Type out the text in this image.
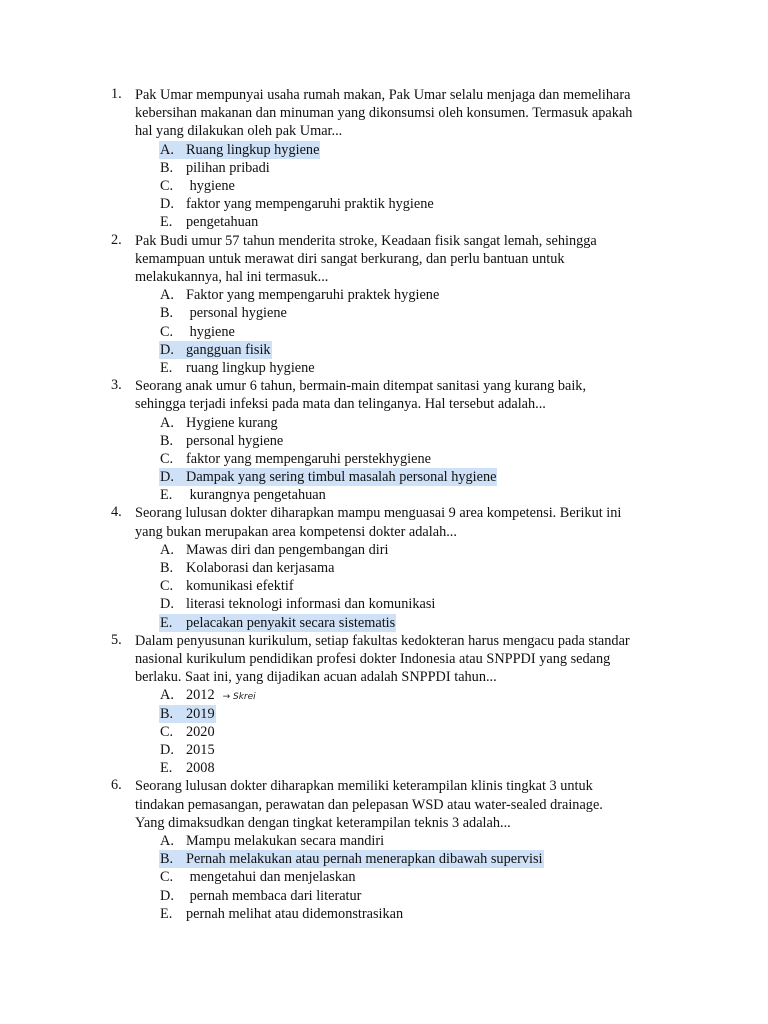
1. Pak Umar mempunyai usaha rumah makan, Pak Umar selalu menjaga dan memelihara
kebersihan makanan dan minuman yang dikonsumsi oleh konsumen. Termasuk apakah
hal yang dilakukan oleh pak Umar...
A. Ruang lingkup hygiene
B. pilihan pribadi
C. hygiene
D. faktor yang mempengaruhi praktik hygiene
E. pengetahuan
2. Pak Budi umur 57 tahun menderita stroke, Keadaan fisik sangat lemah, sehingga
kemampuan untuk merawat diri sangat berkurang, dan perlu bantuan untuk
melakukannya, hal ini termasuk...
A. Faktor yang mempengaruhi praktek hygiene
B. personal hygiene
C. hygiene
D. gangguan fisik
E. ruang lingkup hygiene
3. Seorang anak umur 6 tahun, bermain-main ditempat sanitasi yang kurang baik,
sehingga terjadi infeksi pada mata dan telinganya. Hal tersebut adalah...
A. Hygiene kurang
B. personal hygiene
C. faktor yang mempengaruhi perstekhygiene
D. Dampak yang sering timbul masalah personal hygiene
E. kurangnya pengetahuan
4. Seorang lulusan dokter diharapkan mampu menguasai 9 area kompetensi. Berikut ini
yang bukan merupakan area kompetensi dokter adalah...
A. Mawas diri dan pengembangan diri
B. Kolaborasi dan kerjasama
C. komunikasi efektif
D. literasi teknologi informasi dan komunikasi
E. pelacakan penyakit secara sistematis
5. Dalam penyusunan kurikulum, setiap fakultas kedokteran harus mengacu pada standar
nasional kurikulum pendidikan profesi dokter Indonesia atau SNPPDI yang sedang
berlaku. Saat ini, yang dijadikan acuan adalah SNPPDI tahun...
A. 2012 → Skrei
B. 2019
C. 2020
D. 2015
E. 2008
6. Seorang lulusan dokter diharapkan memiliki keterampilan klinis tingkat 3 untuk
tindakan pemasangan, perawatan dan pelepasan WSD atau water-sealed drainage.
Yang dimaksudkan dengan tingkat keterampilan teknis 3 adalah...
A. Mampu melakukan secara mandiri
B. Pernah melakukan atau pernah menerapkan dibawah supervisi
C. mengetahui dan menjelaskan
D. pernah membaca dari literatur
E. pernah melihat atau didemonstrasikan
